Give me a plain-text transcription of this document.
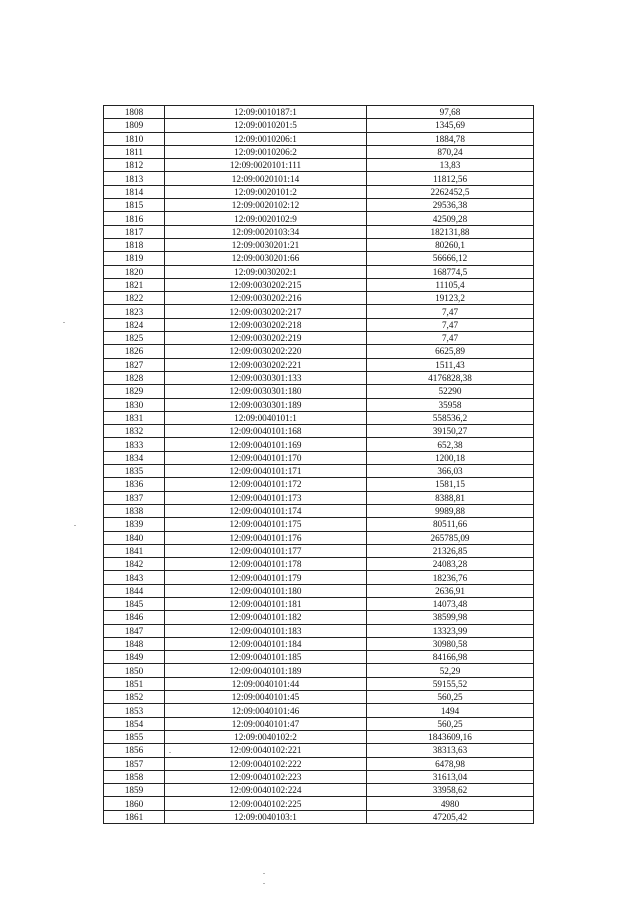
1808	12:09:0010187:1	97,68
1809	12:09:0010201:5	1345,69
1810	12:09:0010206:1	1884,78
1811	12:09:0010206:2	870,24
1812	12:09:0020101:111	13,83
1813	12:09:0020101:14	11812,56
1814	12:09:0020101:2	2262452,5
1815	12:09:0020102:12	29536,38
1816	12:09:0020102:9	42509,28
1817	12:09:0020103:34	182131,88
1818	12:09:0030201:21	80260,1
1819	12:09:0030201:66	56666,12
1820	12:09:0030202:1	168774,5
1821	12:09:0030202:215	11105,4
1822	12:09:0030202:216	19123,2
1823	12:09:0030202:217	7,47
1824	12:09:0030202:218	7,47
1825	12:09:0030202:219	7,47
1826	12:09:0030202:220	6625,89
1827	12:09:0030202:221	1511,43
1828	12:09:0030301:133	4176828,38
1829	12:09:0030301:180	52290
1830	12:09:0030301:189	35958
1831	12:09:0040101:1	558536,2
1832	12:09:0040101:168	39150,27
1833	12:09:0040101:169	652,38
1834	12:09:0040101:170	1200,18
1835	12:09:0040101:171	366,03
1836	12:09:0040101:172	1581,15
1837	12:09:0040101:173	8388,81
1838	12:09:0040101:174	9989,88
1839	12:09:0040101:175	80511,66
1840	12:09:0040101:176	265785,09
1841	12:09:0040101:177	21326,85
1842	12:09:0040101:178	24083,28
1843	12:09:0040101:179	18236,76
1844	12:09:0040101:180	2636,91
1845	12:09:0040101:181	14073,48
1846	12:09:0040101:182	38599,98
1847	12:09:0040101:183	13323,99
1848	12:09:0040101:184	30980,58
1849	12:09:0040101:185	84166,98
1850	12:09:0040101:189	52,29
1851	12:09:0040101:44	59155,52
1852	12:09:0040101:45	560,25
1853	12:09:0040101:46	1494
1854	12:09:0040101:47	560,25
1855	12:09:0040102:2	1843609,16
1856	12:09:0040102:221	38313,63
1857	12:09:0040102:222	6478,98
1858	12:09:0040102:223	31613,04
1859	12:09:0040102:224	33958,62
1860	12:09:0040102:225	4980
1861	12:09:0040103:1	47205,42
